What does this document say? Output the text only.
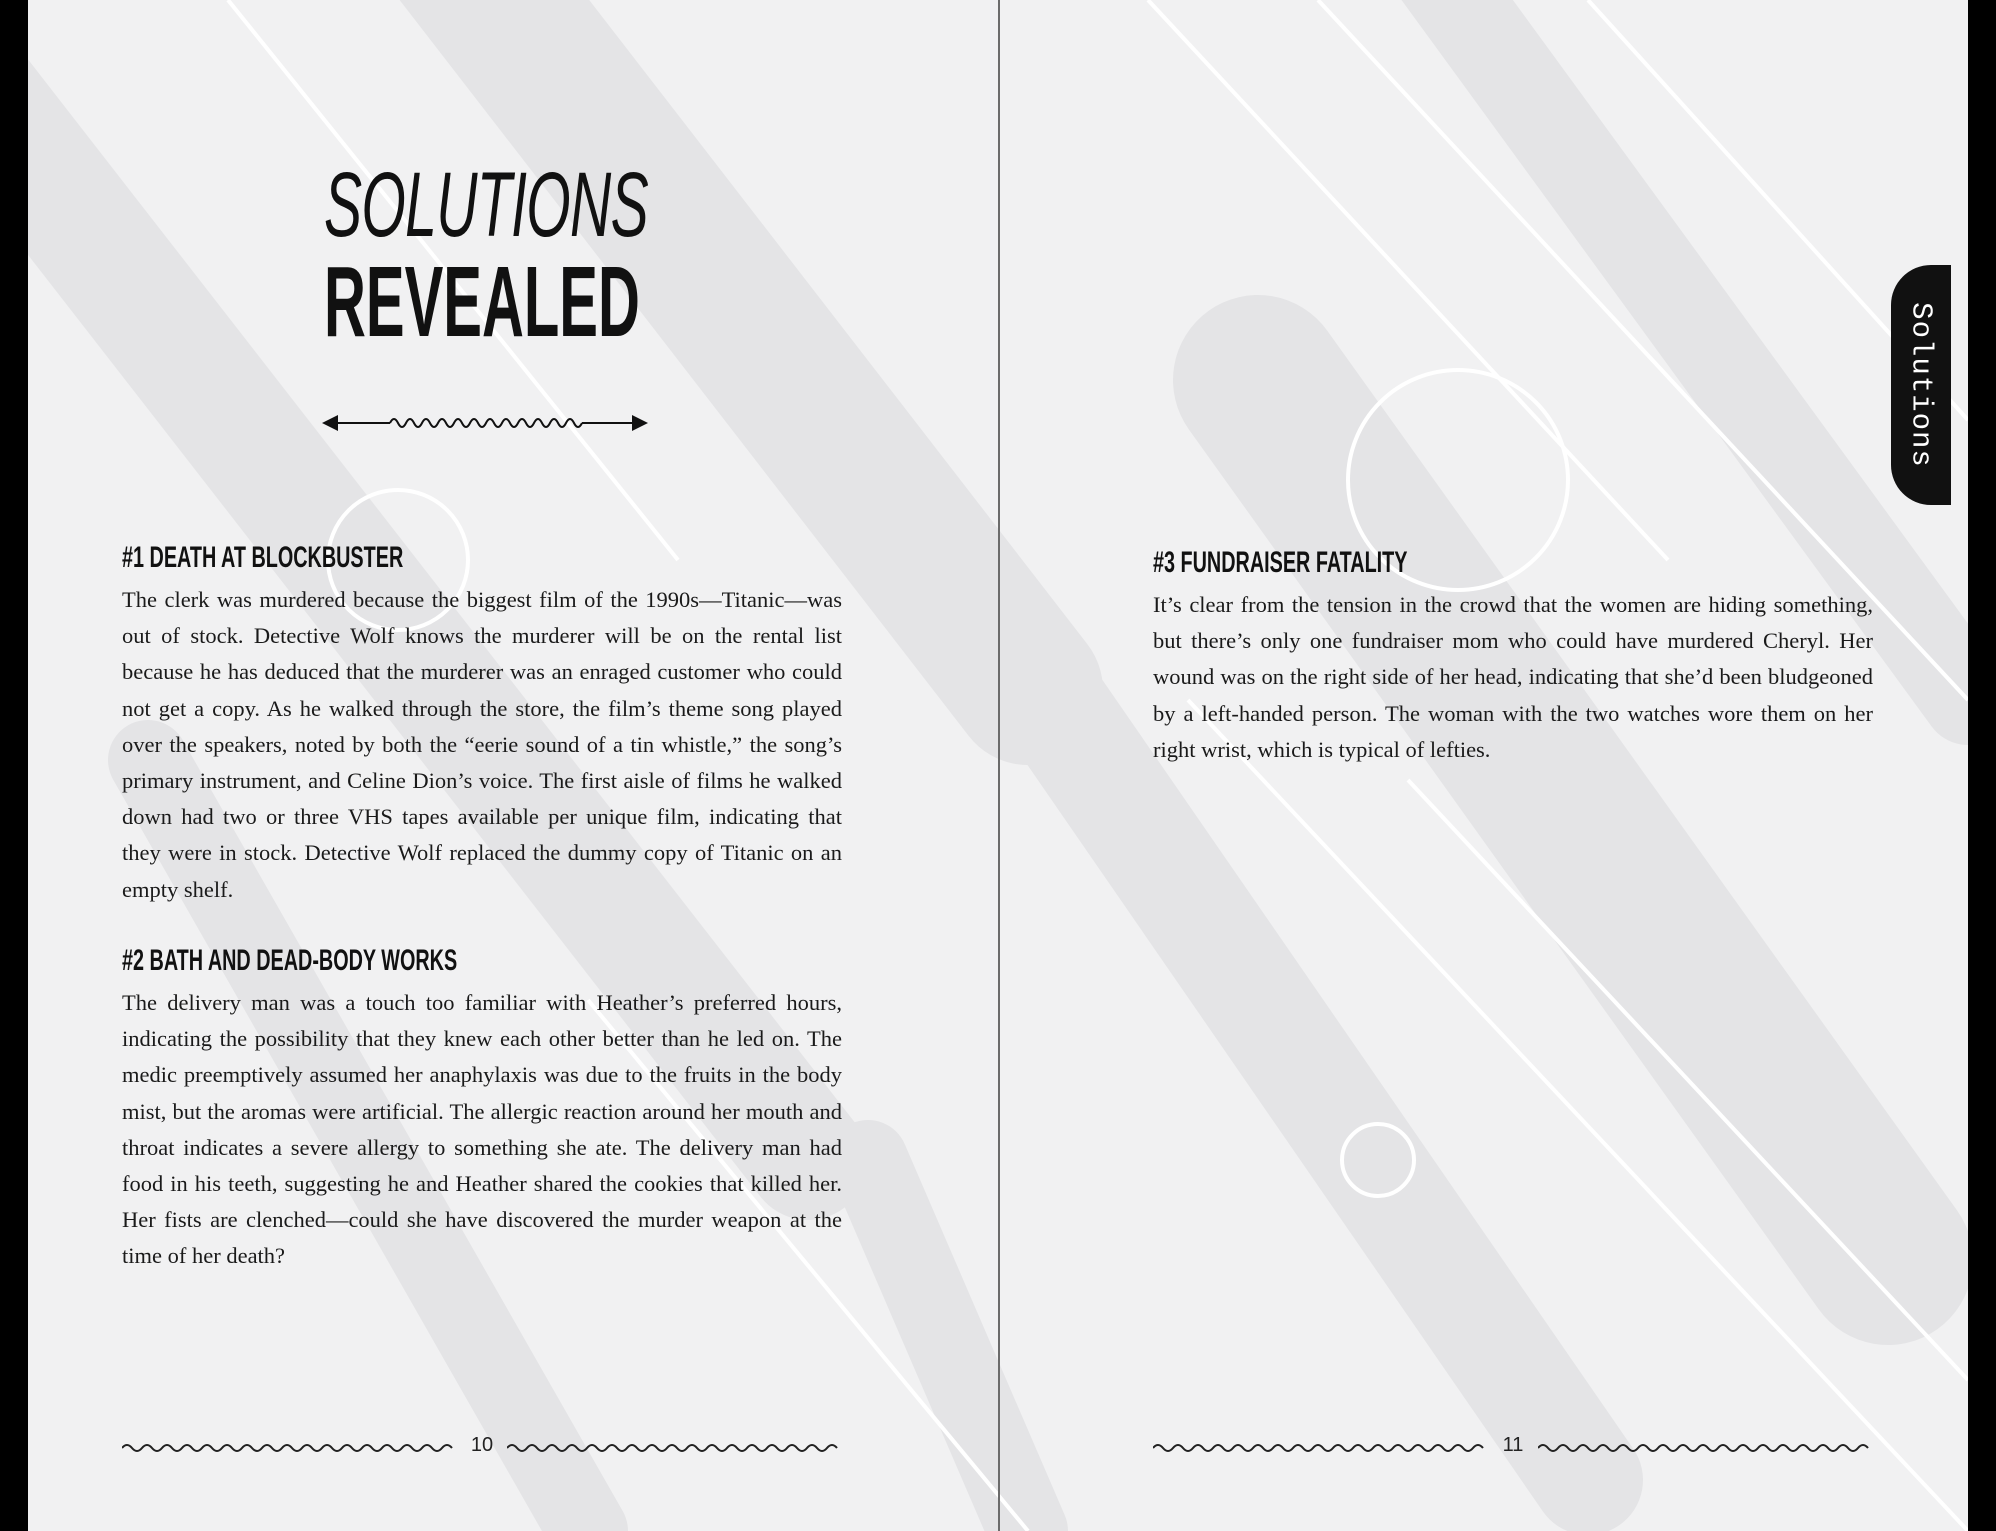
SOLUTIONS
REVEALED
#1 DEATH AT BLOCKBUSTER

The clerk was murdered because the biggest film of the 1990s—Titanic—was out of stock. Detective Wolf knows the murderer will be on the rental list because he has deduced that the murderer was an enraged customer who could not get a copy. As he walked through the store, the film’s theme song played over the speakers, noted by both the “eerie sound of a tin whistle,” the song’s primary instrument, and Celine Dion’s voice. The first aisle of films he walked down had two or three VHS tapes available per unique film, indicating that they were in stock. Detective Wolf replaced the dummy copy of Titanic on an empty shelf.

#2 BATH AND DEAD-BODY WORKS

The delivery man was a touch too familiar with Heather’s preferred hours, indicating the possibility that they knew each other better than he led on. The medic preemptively assumed her anaphylaxis was due to the fruits in the body mist, but the aromas were artificial. The allergic reaction around her mouth and throat indicates a severe allergy to something she ate. The delivery man had food in his teeth, suggesting he and Heather shared the cookies that killed her. Her fists are clenched—could she have discovered the murder weapon at the time of her death?

#3 FUNDRAISER FATALITY

It’s clear from the tension in the crowd that the women are hiding something, but there’s only one fundraiser mom who could have murdered Cheryl. Her wound was on the right side of her head, indicating that she’d been bludgeoned by a left-handed person. The woman with the two watches wore them on her right wrist, which is typical of lefties.

10	11
Solutions
